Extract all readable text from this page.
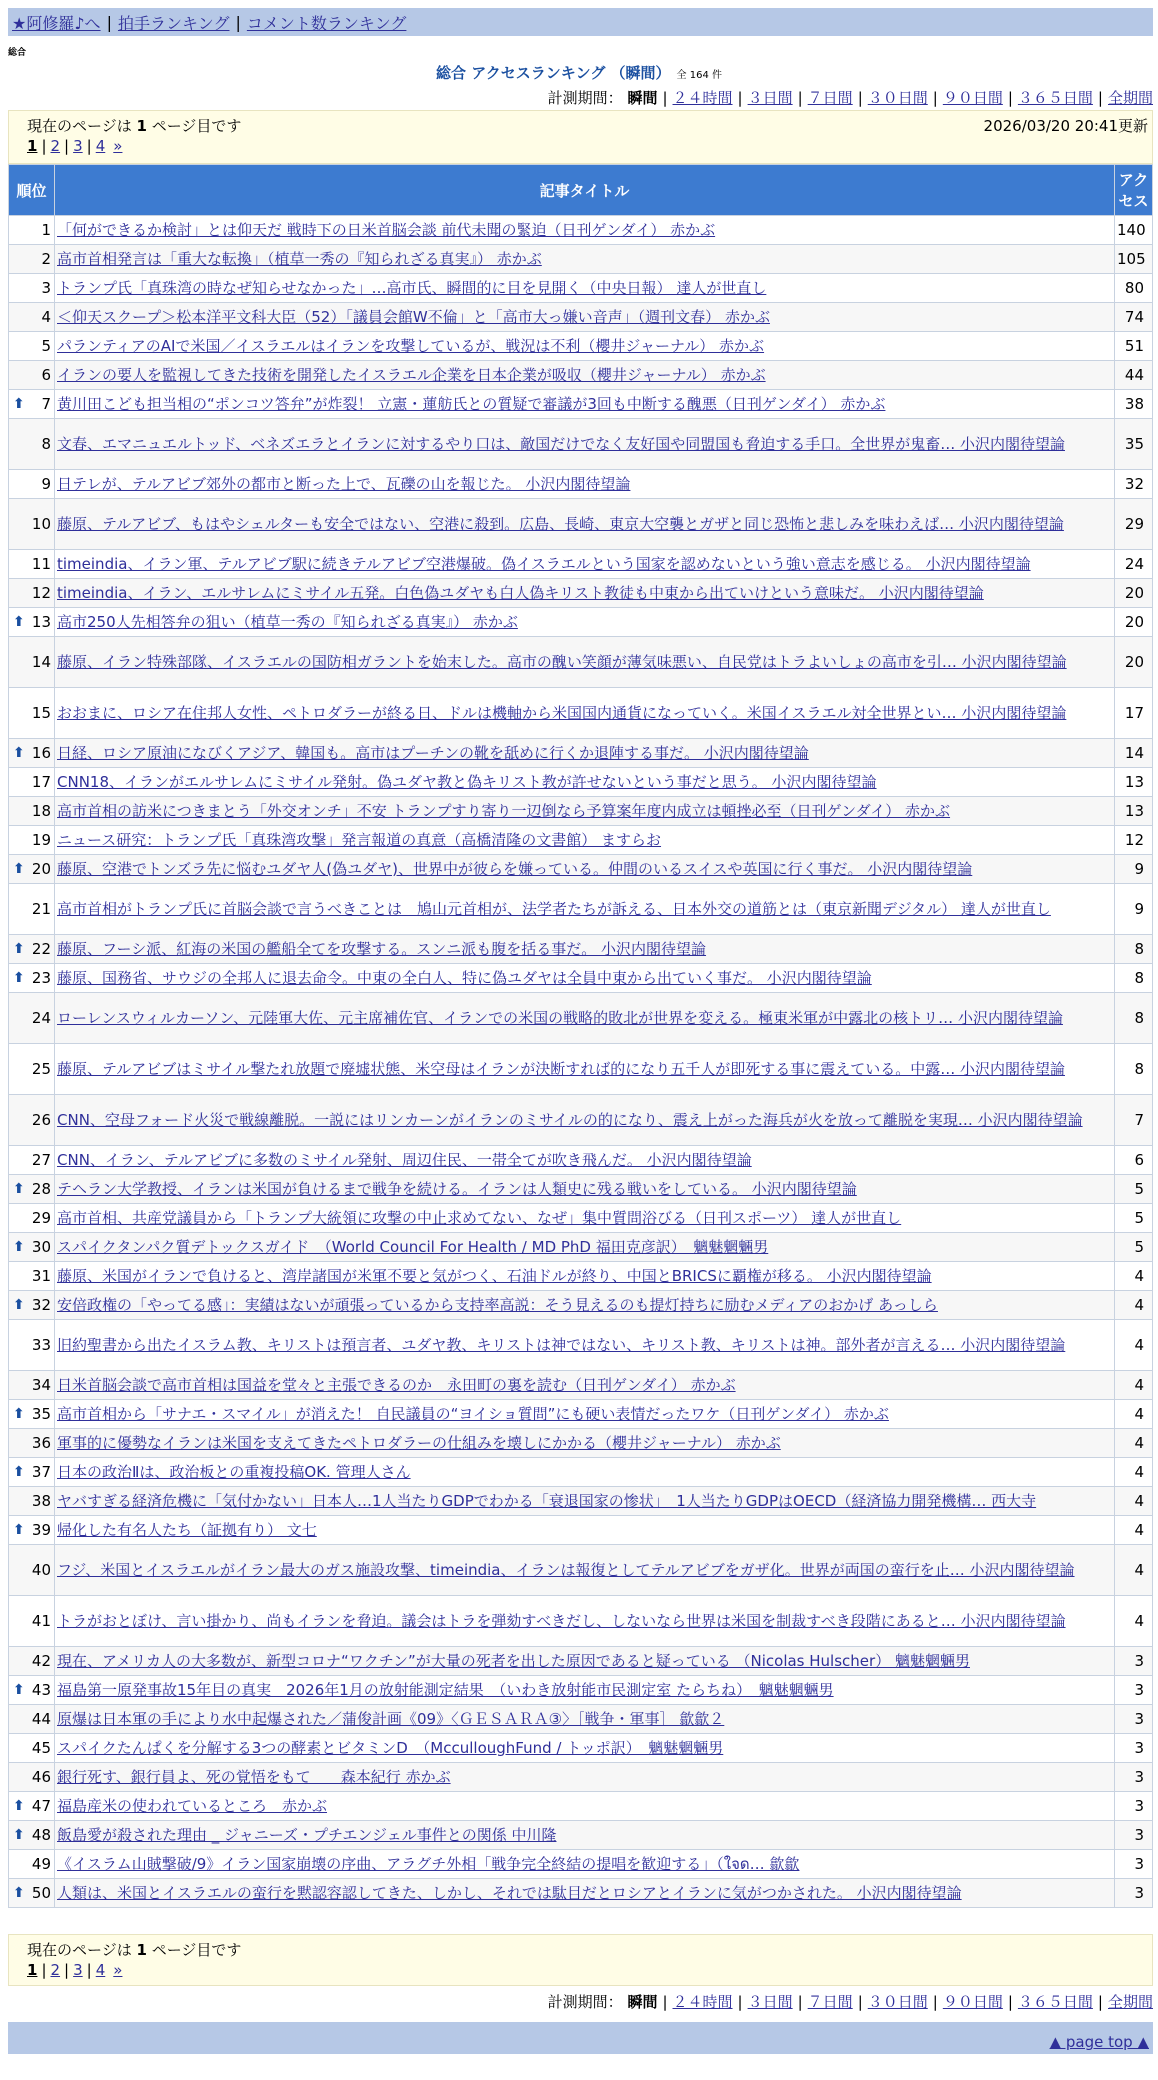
★阿修羅♪へ | 拍手ランキング | コメント数ランキング
総合
総合 アクセスランキング （瞬間） 全 164 件
計測期間： 瞬間 | ２４時間 | ３日間 | ７日間 | ３０日間 | ９０日間 | ３６５日間 | 全期間
現在のページは 1 ページ目です	2026/03/20 20:41更新
1 | 2 | 3 | 4 »
順位	記事タイトル	アクセス
1	「何ができるか検討」とは仰天だ 戦時下の日米首脳会談 前代未聞の緊迫（日刊ゲンダイ） 赤かぶ	140
2	高市首相発言は「重大な転換」（植草一秀の『知られざる真実』） 赤かぶ	105
3	トランプ氏「真珠湾の時なぜ知らせなかった」…高市氏、瞬間的に目を見開く（中央日報） 達人が世直し	80
4	＜仰天スクープ＞松本洋平文科大臣（52）「議員会館W不倫」と「高市大っ嫌い音声」（週刊文春） 赤かぶ	74
5	パランティアのAIで米国／イスラエルはイランを攻撃しているが、戦況は不利（櫻井ジャーナル） 赤かぶ	51
6	イランの要人を監視してきた技術を開発したイスラエル企業を日本企業が吸収（櫻井ジャーナル） 赤かぶ	44

⬆ 7	黄川田こども担当相の“ポンコツ答弁”が炸裂！ 立憲・蓮舫氏との質疑で審議が3回も中断する醜悪（日刊ゲンダイ） 赤かぶ	38
8	文春、エマニュエルトッド、ベネズエラとイランに対するやり口は、敵国だけでなく友好国や同盟国も脅迫する手口。全世界が鬼畜… 小沢内閣待望論	35
9	日テレが、テルアビブ郊外の都市と断った上で、瓦礫の山を報じた。 小沢内閣待望論	32
10	藤原、テルアビブ、もはやシェルターも安全ではない、空港に殺到。広島、長崎、東京大空襲とガザと同じ恐怖と悲しみを味わえば… 小沢内閣待望論	29
11	timeindia、イラン軍、テルアビブ駅に続きテルアビブ空港爆破。偽イスラエルという国家を認めないという強い意志を感じる。 小沢内閣待望論	24
12	timeindia、イラン、エルサレムにミサイル五発。白色偽ユダヤも白人偽キリスト教徒も中東から出ていけという意味だ。 小沢内閣待望論	20

⬆ 13	高市250人先相答弁の狙い（植草一秀の『知られざる真実』） 赤かぶ	20
14	藤原、イラン特殊部隊、イスラエルの国防相ガラントを始末した。高市の醜い笑顔が薄気味悪い、自民党はトラよいしょの高市を引… 小沢内閣待望論	20
15	おおまに、ロシア在住邦人女性、ペトロダラーが終る日、ドルは機軸から米国国内通貨になっていく。米国イスラエル対全世界とい… 小沢内閣待望論	17

⬆ 16	日経、ロシア原油になびくアジア、韓国も。高市はプーチンの靴を舐めに行くか退陣する事だ。 小沢内閣待望論	14
17	CNN18、イランがエルサレムにミサイル発射。偽ユダヤ教と偽キリスト教が許せないという事だと思う。 小沢内閣待望論	13
18	高市首相の訪米につきまとう「外交オンチ」不安 トランプすり寄り一辺倒なら予算案年度内成立は頓挫必至（日刊ゲンダイ） 赤かぶ	13
19	ニュース研究：トランプ氏「真珠湾攻撃」発言報道の真意（高橋清隆の文書館） ますらお	12

⬆ 20	藤原、空港でトンズラ先に悩むユダヤ人(偽ユダヤ)、世界中が彼らを嫌っている。仲間のいるスイスや英国に行く事だ。 小沢内閣待望論	9
21	高市首相がトランプ氏に首脳会談で言うべきことは　鳩山元首相が、法学者たちが訴える、日本外交の道筋とは（東京新聞デジタル） 達人が世直し	9

⬆ 22	藤原、フーシ派、紅海の米国の艦船全てを攻撃する。スンニ派も腹を括る事だ。 小沢内閣待望論	8

⬆ 23	藤原、国務省、サウジの全邦人に退去命令。中東の全白人、特に偽ユダヤは全員中東から出ていく事だ。 小沢内閣待望論	8
24	ローレンスウィルカーソン、元陸軍大佐、元主席補佐官、イランでの米国の戦略的敗北が世界を変える。極東米軍が中露北の核トリ… 小沢内閣待望論	8
25	藤原、テルアビブはミサイル撃たれ放題で廃墟状態、米空母はイランが決断すれば的になり五千人が即死する事に震えている。中露… 小沢内閣待望論	8
26	CNN、空母フォード火災で戦線離脱。一説にはリンカーンがイランのミサイルの的になり、震え上がった海兵が火を放って離脱を実現… 小沢内閣待望論	7
27	CNN、イラン、テルアビブに多数のミサイル発射、周辺住民、一帯全てが吹き飛んだ。 小沢内閣待望論	6

⬆ 28	テヘラン大学教授、イランは米国が負けるまで戦争を続ける。イランは人類史に残る戦いをしている。 小沢内閣待望論	5
29	高市首相、共産党議員から「トランプ大統領に攻撃の中止求めてない、なぜ」集中質問浴びる（日刊スポーツ） 達人が世直し	5

⬆ 30	スパイクタンパク質デトックスガイド　（World Council For Health / MD PhD 福田克彦訳）　魑魅魍魎男	5
31	藤原、米国がイランで負けると、湾岸諸国が米軍不要と気がつく、石油ドルが終り、中国とBRICSに覇権が移る。 小沢内閣待望論	4

⬆ 32	安倍政権の「やってる感」：実績はないが頑張っているから支持率高説：そう見えるのも提灯持ちに励むメディアのおかげ あっしら	4
33	旧約聖書から出たイスラム教、キリストは預言者、ユダヤ教、キリストは神ではない、キリスト教、キリストは神。部外者が言える… 小沢内閣待望論	4
34	日米首脳会談で高市首相は国益を堂々と主張できるのか　永田町の裏を読む（日刊ゲンダイ） 赤かぶ	4

⬆ 35	高市首相から「サナエ・スマイル」が消えた！ 自民議員の“ヨイショ質問”にも硬い表情だったワケ（日刊ゲンダイ） 赤かぶ	4
36	軍事的に優勢なイランは米国を支えてきたペトロダラーの仕組みを壊しにかかる（櫻井ジャーナル） 赤かぶ	4

⬆ 37	日本の政治Ⅱは、政治板との重複投稿OK. 管理人さん	4
38	ヤバすぎる経済危機に「気付かない」日本人…1人当たりGDPでわかる「衰退国家の惨状」　1人当たりGDPはOECD（経済協力開発機構… 西大寺	4

⬆ 39	帰化した有名人たち（証拠有り） 文七	4
40	フジ、米国とイスラエルがイラン最大のガス施設攻撃、timeindia、イランは報復としてテルアビブをガザ化。世界が両国の蛮行を止… 小沢内閣待望論	4
41	トラがおとぼけ、言い掛かり、尚もイランを脅迫。議会はトラを弾劾すべきだし、しないなら世界は米国を制裁すべき段階にあると… 小沢内閣待望論	4
42	現在、アメリカ人の大多数が、新型コロナ“ワクチン”が大量の死者を出した原因であると疑っている （Nicolas Hulscher） 魑魅魍魎男	3

⬆ 43	福島第一原発事故15年目の真実　2026年1月の放射能測定結果　（いわき放射能市民測定室 たらちね）　魑魅魍魎男	3
44	原爆は日本軍の手により水中起爆された／蒲俊計画《09》〈ＧＥＳＡＲＡ③〉［戦争・軍事］ 歙歙２	3
45	スパイクたんぱくを分解する3つの酵素とビタミンD　（McculloughFund / トッポ訳）　魑魅魍魎男	3
46	銀行死す、銀行員よ、死の覚悟をもて　　森本紀行 赤かぶ	3

⬆ 47	福島産米の使われているところ　赤かぶ	3

⬆ 48	飯島愛が殺された理由 _ ジャニーズ・プチエンジェル事件との関係 中川隆	3
49	《イスラム山賊撃破/9》イラン国家崩壊の序曲、アラグチ外相「戦争完全終結の提唱を歓迎する」（ใจด… 歙歙	3

⬆ 50	人類は、米国とイスラエルの蛮行を黙認容認してきた、しかし、それでは駄目だとロシアとイランに気がつかされた。 小沢内閣待望論	3
現在のページは 1 ページ目です
1 | 2 | 3 | 4 »
計測期間： 瞬間 | ２４時間 | ３日間 | ７日間 | ３０日間 | ９０日間 | ３６５日間 | 全期間
▲ page top ▲
